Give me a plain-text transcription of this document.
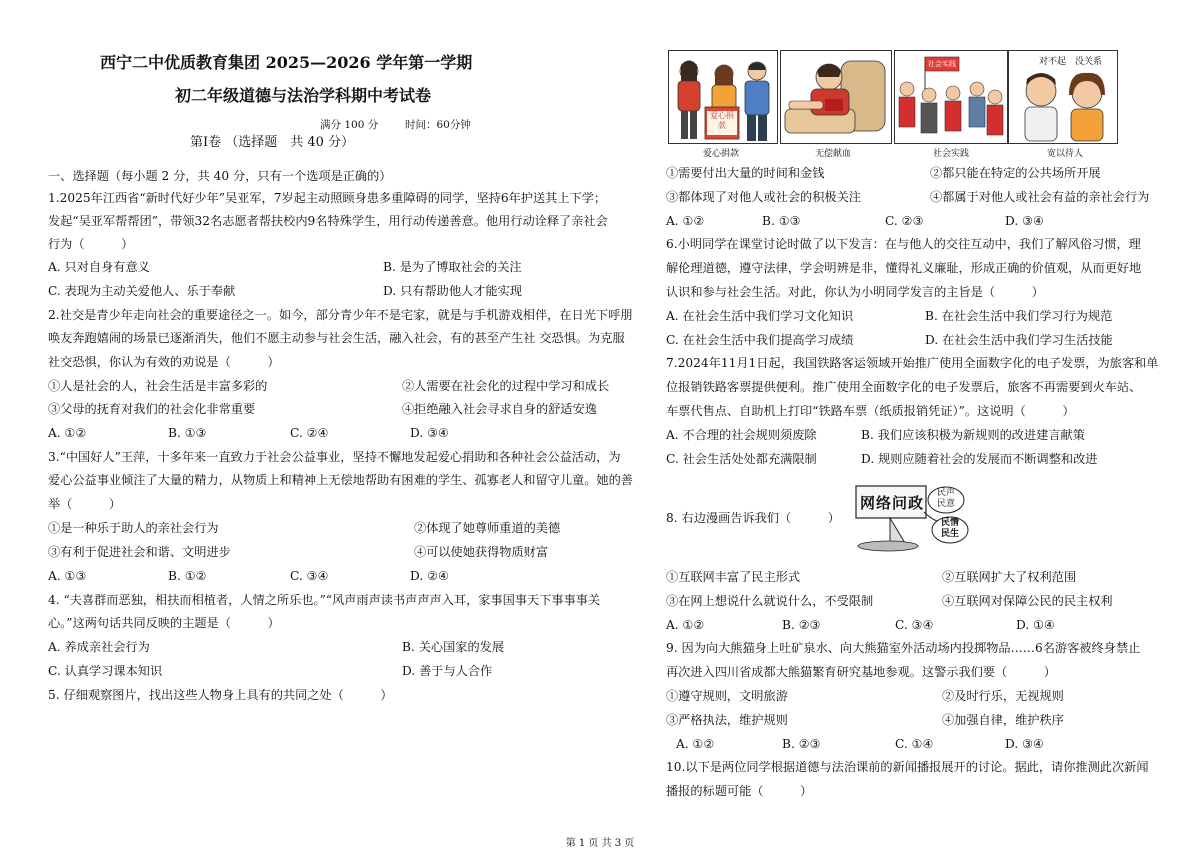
西宁二中优质教育集团 2025—2026 学年第一学期
初二年级道德与法治学科期中考试卷
满分 100 分	时间：60分钟
第Ⅰ卷 （选择题　共 40 分）
一、选择题（每小题 2 分，共 40 分，只有一个选项是正确的）
1.2025年江西省“新时代好少年”吴亚军，7岁起主动照顾身患多重障碍的同学，坚持6年护送其上下学；
发起“吴亚军帮帮团”，带领32名志愿者帮扶校内9名特殊学生，用行动传递善意。他用行动诠释了亲社会
行为（　　　）
A. 只对自身有意义	B. 是为了博取社会的关注
C. 表现为主动关爱他人、乐于奉献	D. 只有帮助他人才能实现
2.社交是青少年走向社会的重要途径之一。如今，部分青少年不是宅家，就是与手机游戏相伴，在日光下呼朋
唤友奔跑嬉闹的场景已逐渐消失，他们不愿主动参与社会生活，融入社会，有的甚至产生社 交恐惧。为克服
社交恐惧，你认为有效的劝说是（　　　）
①人是社会的人，社会生活是丰富多彩的	②人需要在社会化的过程中学习和成长
③父母的抚育对我们的社会化非常重要	④拒绝融入社会寻求自身的舒适安逸
A. ①②	B. ①③	C. ②④	D. ③④
3.“中国好人”王萍，十多年来一直致力于社会公益事业，坚持不懈地发起爱心捐助和各种社会公益活动，为
爱心公益事业倾注了大量的精力，从物质上和精神上无偿地帮助有困难的学生、孤寡老人和留守儿童。她的善
举（　　　）
①是一种乐于助人的亲社会行为	②体现了她尊师重道的美德
③有利于促进社会和谐、文明进步	④可以使她获得物质财富
A. ①③	B. ①②	C. ③④	D. ②④
4. “夫喜群而恶独，相扶而相植者，人情之所乐也。”“风声雨声读书声声声入耳，家事国事天下事事事关
心。”这两句话共同反映的主题是（　　　）
A. 养成亲社会行为	B. 关心国家的发展
C. 认真学习课本知识	D. 善于与人合作
5. 仔细观察图片，找出这些人物身上具有的共同之处（　　　）
爱心捐款
社会实践	对不起　没关系
爱心捐款	无偿献血	社会实践	宽以待人
①需要付出大量的时间和金钱	②都只能在特定的公共场所开展
③都体现了对他人或社会的积极关注	④都属于对他人或社会有益的亲社会行为
A. ①②	B. ①③	C. ②③	D. ③④
6.小明同学在课堂讨论时做了以下发言：在与他人的交往互动中，我们了解风俗习惯，理
解伦理道德，遵守法律，学会明辨是非，懂得礼义廉耻，形成正确的价值观，从而更好地
认识和参与社会生活。对此，你认为小明同学发言的主旨是（　　　）
A. 在社会生活中我们学习文化知识	B. 在社会生活中我们学习行为规范
C. 在社会生活中我们提高学习成绩	D. 在社会生活中我们学习生活技能
7.2024年11月1日起，我国铁路客运领域开始推广使用全面数字化的电子发票，为旅客和单
位报销铁路客票提供便利。推广使用全面数字化的电子发票后，旅客不再需要到火车站、
车票代售点、自助机上打印“铁路车票（纸质报销凭证）”。这说明（　　　）
A. 不合理的社会规则须废除	B. 我们应该积极为新规则的改进建言献策
C. 社会生活处处都充满限制	D. 规则应随着社会的发展而不断调整和改进
8. 右边漫画告诉我们（　　　）
网络问政
民声民意
民情民生
①互联网丰富了民主形式	②互联网扩大了权利范围
③在网上想说什么就说什么，不受限制	④互联网对保障公民的民主权利
A. ①②	B. ②③	C. ③④	D. ①④
9. 因为向大熊猫身上吐矿泉水、向大熊猫室外活动场内投掷物品……6名游客被终身禁止
再次进入四川省成都大熊猫繁育研究基地参观。这警示我们要（　　　）
①遵守规则，文明旅游	②及时行乐，无视规则
③严格执法，维护规则	④加强自律，维护秩序
A. ①②	B. ②③	C. ①④	D. ③④
10.以下是两位同学根据道德与法治课前的新闻播报展开的讨论。据此，请你推测此次新闻
播报的标题可能（　　　）
第 1 页 共 3 页
